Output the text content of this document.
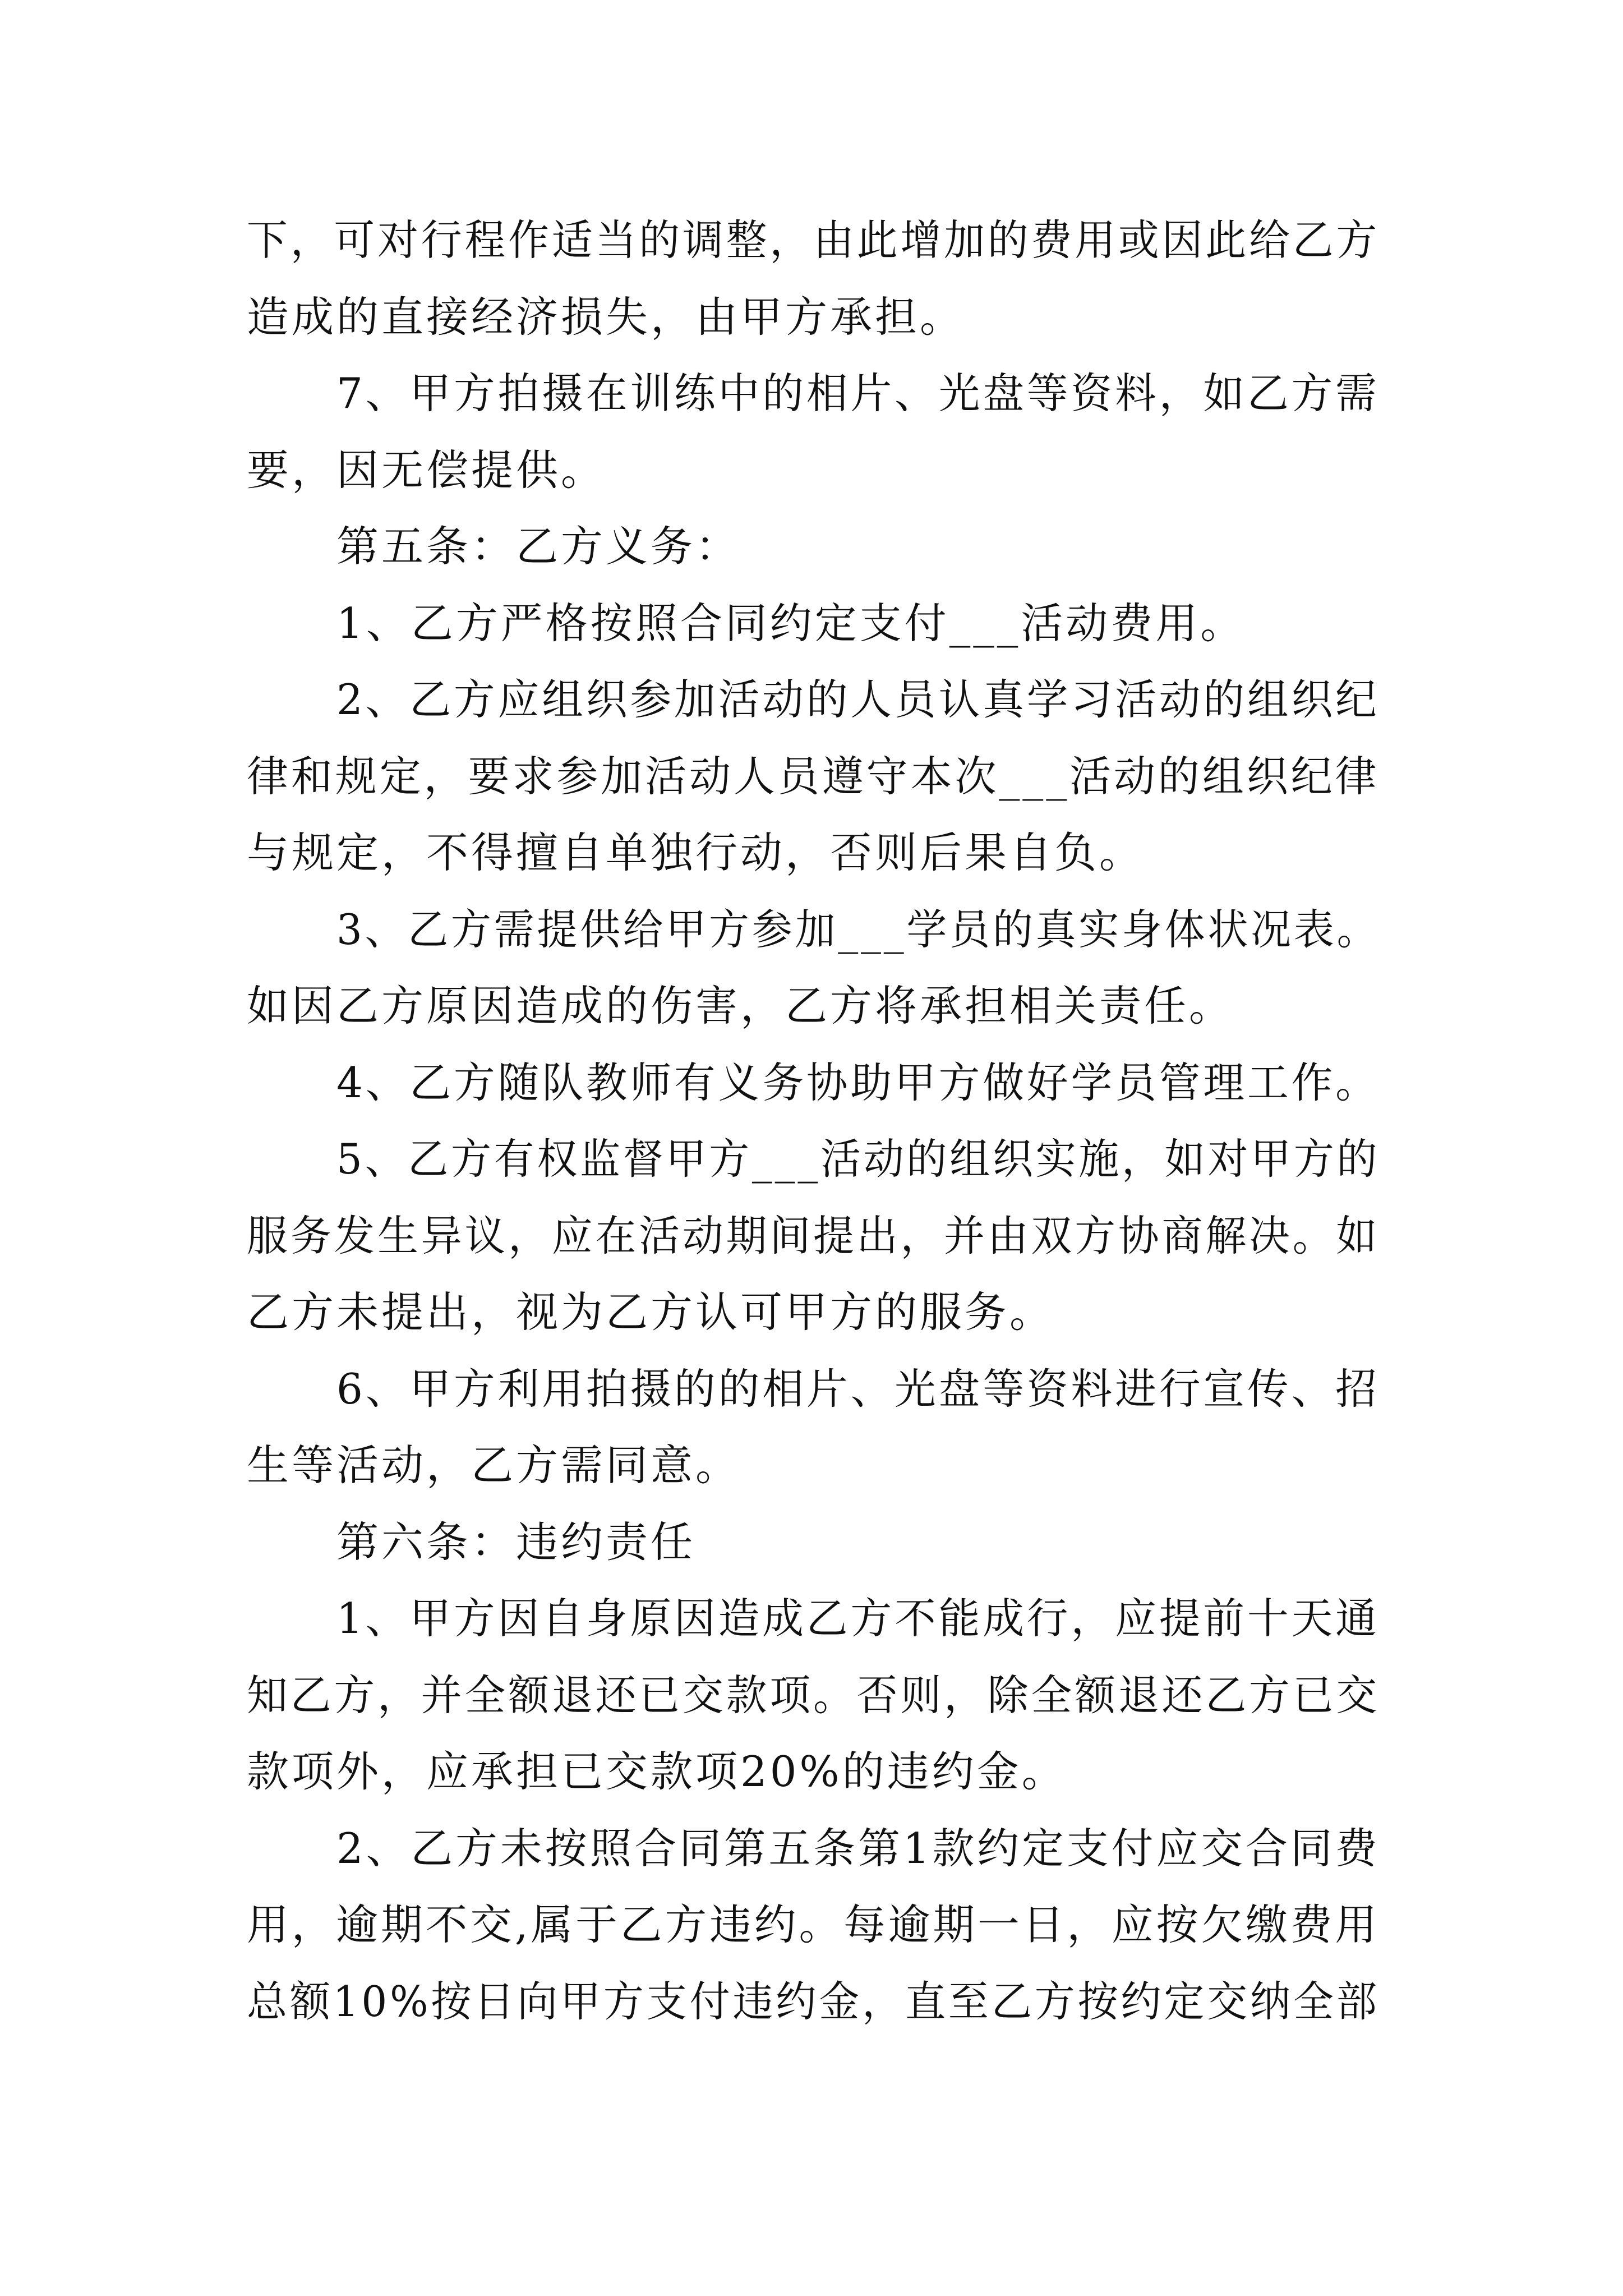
下，可对行程作适当的调整，由此增加的费用或因此给乙方
造成的直接经济损失，由甲方承担。
7、甲方拍摄在训练中的相片、光盘等资料，如乙方需
要，因无偿提供。
第五条：乙方义务：
1、乙方严格按照合同约定支付___活动费用。
2、乙方应组织参加活动的人员认真学习活动的组织纪
律和规定，要求参加活动人员遵守本次___活动的组织纪律
与规定，不得擅自单独行动，否则后果自负。
3、乙方需提供给甲方参加___学员的真实身体状况表。
如因乙方原因造成的伤害，乙方将承担相关责任。
4、乙方随队教师有义务协助甲方做好学员管理工作。
5、乙方有权监督甲方___活动的组织实施，如对甲方的
服务发生异议，应在活动期间提出，并由双方协商解决。如
乙方未提出，视为乙方认可甲方的服务。
6、甲方利用拍摄的的相片、光盘等资料进行宣传、招
生等活动，乙方需同意。
第六条：违约责任
1、甲方因自身原因造成乙方不能成行，应提前十天通
知乙方，并全额退还已交款项。否则，除全额退还乙方已交
款项外，应承担已交款项20%的违约金。
2、乙方未按照合同第五条第1款约定支付应交合同费
用，逾期不交,属于乙方违约。每逾期一日，应按欠缴费用
总额10%按日向甲方支付违约金，直至乙方按约定交纳全部
